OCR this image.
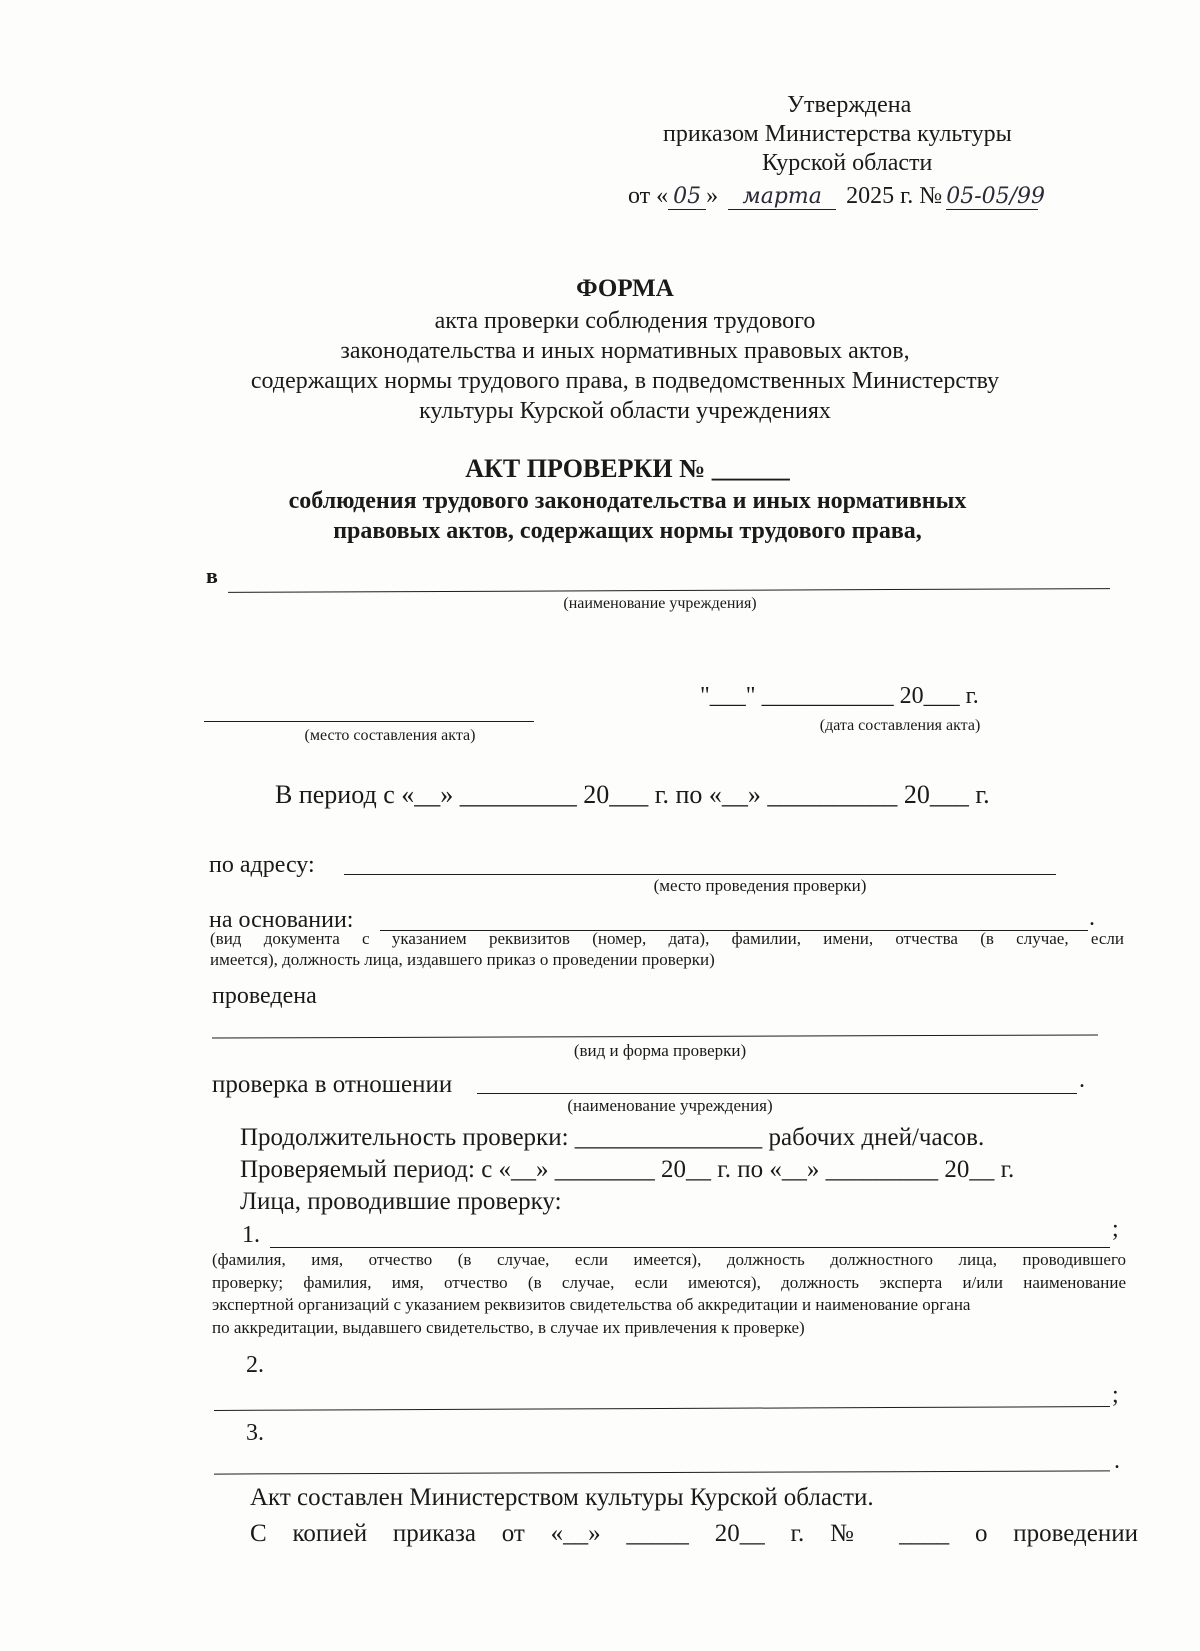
Утверждена
приказом Министерства культуры
Курской области
от « 05 » марта 2025 г. № 05-05/99
ФОРМА
акта проверки соблюдения трудового
законодательства и иных нормативных правовых актов,
содержащих нормы трудового права, в подведомственных Министерству
культуры Курской области учреждениях
АКТ ПРОВЕРКИ № ______
соблюдения трудового законодательства и иных нормативных
правовых актов, содержащих нормы трудового права,
в
(наименование учреждения)
"___" ___________ 20___ г.
(место составления акта)
(дата составления акта)
В период с «__» _________ 20___ г. по «__» __________ 20___ г.
по адресу:
(место проведения проверки)
на основании:	.
(вид документа с указанием реквизитов (номер, дата), фамилии, имени, отчества (в случае, если
имеется), должность лица, издавшего приказ о проведении проверки)
проведена
(вид и форма проверки)
проверка в отношении	.
(наименование учреждения)
Продолжительность проверки: _______________ рабочих дней/часов.
Проверяемый период: с «__» ________ 20__ г. по «__» _________ 20__ г.
Лица, проводившие проверку:
1.	;
(фамилия, имя, отчество (в случае, если имеется), должность должностного лица, проводившего
проверку; фамилия, имя, отчество (в случае, если имеются), должность эксперта и/или наименование
экспертной организаций с указанием реквизитов свидетельства об аккредитации и наименование органа
по аккредитации, выдавшего свидетельство, в случае их привлечения к проверке)
2.
;
3.
.
Акт составлен Министерством культуры Курской области.
С копией приказа от «__» _____ 20__ г. № ____ о проведении
